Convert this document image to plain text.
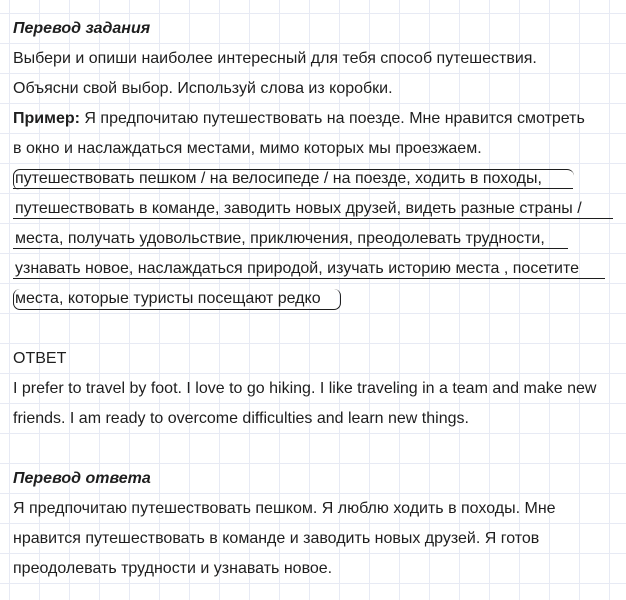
Перевод задания
Выбери и опиши наиболее интересный для тебя способ путешествия.
Объясни свой выбор. Используй слова из коробки.
Пример: Я предпочитаю путешествовать на поезде. Мне нравится смотреть
в окно и наслаждаться местами, мимо которых мы проезжаем.
путешествовать пешком / на велосипеде / на поезде, ходить в походы,
путешествовать в команде, заводить новых друзей, видеть разные страны /
места, получать удовольствие, приключения, преодолевать трудности,
узнавать новое, наслаждаться природой, изучать историю места , посетите
места, которые туристы посещают редко
ОТВЕТ
I prefer to travel by foot. I love to go hiking. I like traveling in a team and make new
friends. I am ready to overcome difficulties and learn new things.
Перевод ответа
Я предпочитаю путешествовать пешком. Я люблю ходить в походы. Мне
нравится путешествовать в команде и заводить новых друзей. Я готов
преодолевать трудности и узнавать новое.
